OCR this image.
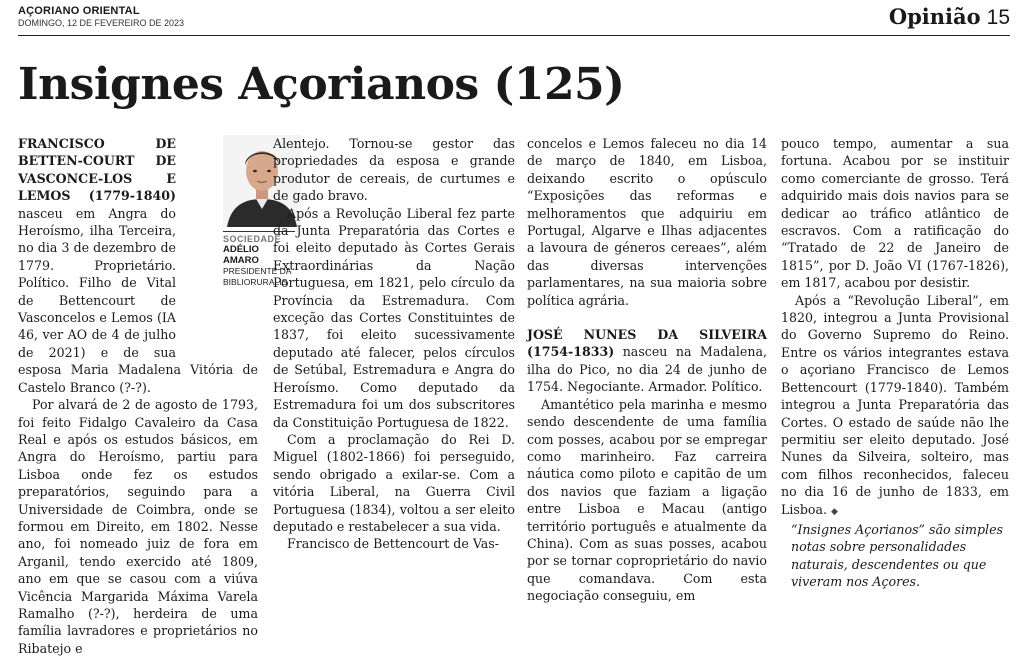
AÇORIANO ORIENTAL
DOMINGO, 12 DE FEVEREIRO DE 2023	Opinião 15
Insignes Açorianos (125)
SOCIEDADE
ADÉLIO
AMARO
PRESIDENTE DA BIBLIORURALIS

FRANCISCO DE BETTEN-COURT DE VASCONCE-LOS E LEMOS (1779-1840) nasceu em Angra do Heroísmo, ilha Terceira, no dia 3 de dezembro de 1779. Proprietário. Político. Filho de Vital de Bettencourt de Vasconcelos e Lemos (IA 46, ver AO de 4 de julho de 2021) e de sua esposa Maria Madalena Vitória de Castelo Branco (?-?).

Por alvará de 2 de agosto de 1793, foi feito Fidalgo Cavaleiro da Casa Real e após os estudos básicos, em Angra do Heroísmo, partiu para Lisboa onde fez os estudos preparatórios, seguindo para a Universidade de Coimbra, onde se formou em Direito, em 1802. Nesse ano, foi nomeado juiz de fora em Arganil, tendo exercido até 1809, ano em que se casou com a viúva Vicência Margarida Máxima Varela Ramalho (?-?), herdeira de uma família lavradores e proprietários no Ribatejo e

Alentejo. Tornou-se gestor das propriedades da esposa e grande produtor de cereais, de curtumes e de gado bravo.

Após a Revolução Liberal fez parte da Junta Preparatória das Cortes e foi eleito deputado às Cortes Gerais Extraordinárias da Nação Portuguesa, em 1821, pelo círculo da Província da Estremadura. Com exceção das Cortes Constituintes de 1837, foi eleito sucessivamente deputado até falecer, pelos círculos de Setúbal, Estremadura e Angra do Heroísmo. Como deputado da Estremadura foi um dos subscritores da Constituição Portuguesa de 1822.

Com a proclamação do Rei D. Miguel (1802-1866) foi perseguido, sendo obrigado a exilar-se. Com a vitória Liberal, na Guerra Civil Portuguesa (1834), voltou a ser eleito deputado e restabelecer a sua vida.

Francisco de Bettencourt de Vas-

concelos e Lemos faleceu no dia 14 de março de 1840, em Lisboa, deixando escrito o opúsculo “Exposições das reformas e melhoramentos que adquiriu em Portugal, Algarve e Ilhas adjacentes a lavoura de géneros cereaes”, além das diversas intervenções parlamentares, na sua maioria sobre política agrária.

JOSÉ NUNES DA SILVEIRA (1754-1833) nasceu na Madalena, ilha do Pico, no dia 24 de junho de 1754. Negociante. Armador. Político.

Amantético pela marinha e mesmo sendo descendente de uma família com posses, acabou por se empregar como marinheiro. Faz carreira náutica como piloto e capitão de um dos navios que faziam a ligação entre Lisboa e Macau (antigo território português e atualmente da China). Com as suas posses, acabou por se tornar coproprietário do navio que comandava. Com esta negociação conseguiu, em

pouco tempo, aumentar a sua fortuna. Acabou por se instituir como comerciante de grosso. Terá adquirido mais dois navios para se dedicar ao tráfico atlântico de escravos. Com a ratificação do “Tratado de 22 de Janeiro de 1815”, por D. João VI (1767-1826), em 1817, acabou por desistir.

Após a “Revolução Liberal”, em 1820, integrou a Junta Provisional do Governo Supremo do Reino. Entre os vários integrantes estava o açoriano Francisco de Lemos Bettencourt (1779-1840). Também integrou a Junta Preparatória das Cortes. O estado de saúde não lhe permitiu ser eleito deputado. José Nunes da Silveira, solteiro, mas com filhos reconhecidos, faleceu no dia 16 de junho de 1833, em Lisboa. ◆

“Insignes Açorianos” são simples notas sobre personalidades naturais, descendentes ou que viveram nos Açores.
